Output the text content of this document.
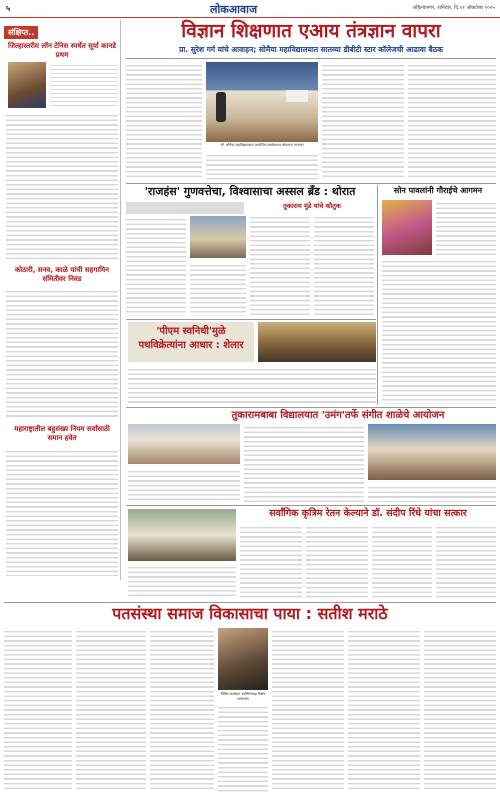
५	लोकआवाज	अहिल्यानगर, शनिवार, दि.११ ऑक्टोबर २०२५
संक्षिप्त..
जिल्हास्तरीय लॉन टेनिस स्पर्धेत सूर्या कानडे प्रथम
कोठारी, सनव, काळे यांची सहगामिन संमितीवर निवड
महाराष्ट्रातील बहुसंख्य नियम सर्वांसाठी समान हवेत
विज्ञान शिक्षणात एआय तंत्रज्ञान वापरा
प्रा. सुरेश गर्ग यांचे आवाहन; सोमैया महाविद्यालयात सातव्या डीबीटी स्टार कॉलेजची आढावा बैठक
श्री. सोमैया महाविद्यालयात आयोजित कार्यक्रमात बोलताना मान्यवर
'राजहंस' गुणवत्तेचा, विश्वासाचा अस्सल ब्रँड : थोरात
तुकाराम मुंडे यांचे कौतुक
सोन पावलांनी गौराईचे आगमन
'पीएम स्वनिधी'मुळे पथविक्रेत्यांना आधार : शेलार
तुकारामबाबा विद्यालयात 'उमंग'तर्फे संगीत शाळेचे आयोजन
सर्वांगिक कृत्रिम रेतन केल्याने डॉ. संदीप रिंधे यांचा सत्कार
पतसंस्था समाज विकासाचा पाया : सतीश मराठे
विविध कार्यक्रम उपस्थितांसह विशेष मार्गदर्शन
